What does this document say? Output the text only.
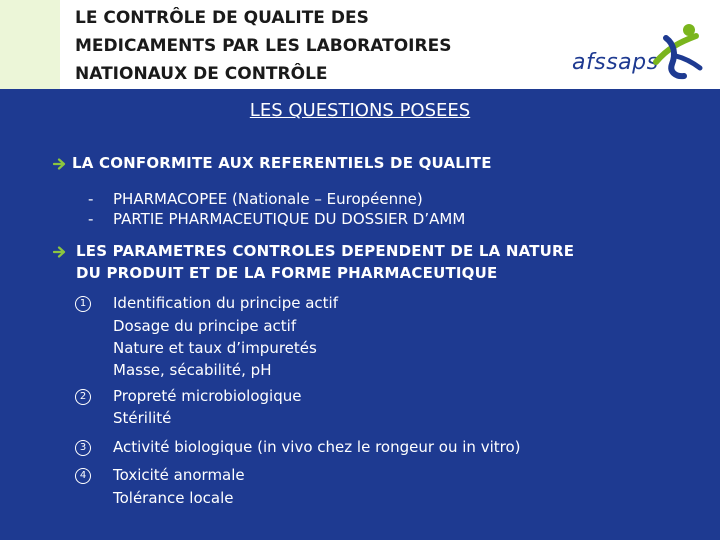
LE CONTRÔLE DE QUALITE DES
MEDICAMENTS PAR LES LABORATOIRES
NATIONAUX DE CONTRÔLE	afssaps
LES QUESTIONS POSEES
LA CONFORMITE AUX REFERENTIELS DE QUALITE
- PHARMACOPEE (Nationale – Européenne)
- PARTIE PHARMACEUTIQUE DU DOSSIER D’AMM
LES PARAMETRES CONTROLES DEPENDENT DE LA NATURE
DU PRODUIT ET DE LA FORME PHARMACEUTIQUE
1	Identification du principe actif
Dosage du principe actif
Nature et taux d’impuretés
Masse, sécabilité, pH
2	Propreté microbiologique
Stérilité
3	Activité biologique (in vivo chez le rongeur ou in vitro)
4	Toxicité anormale
Tolérance locale
